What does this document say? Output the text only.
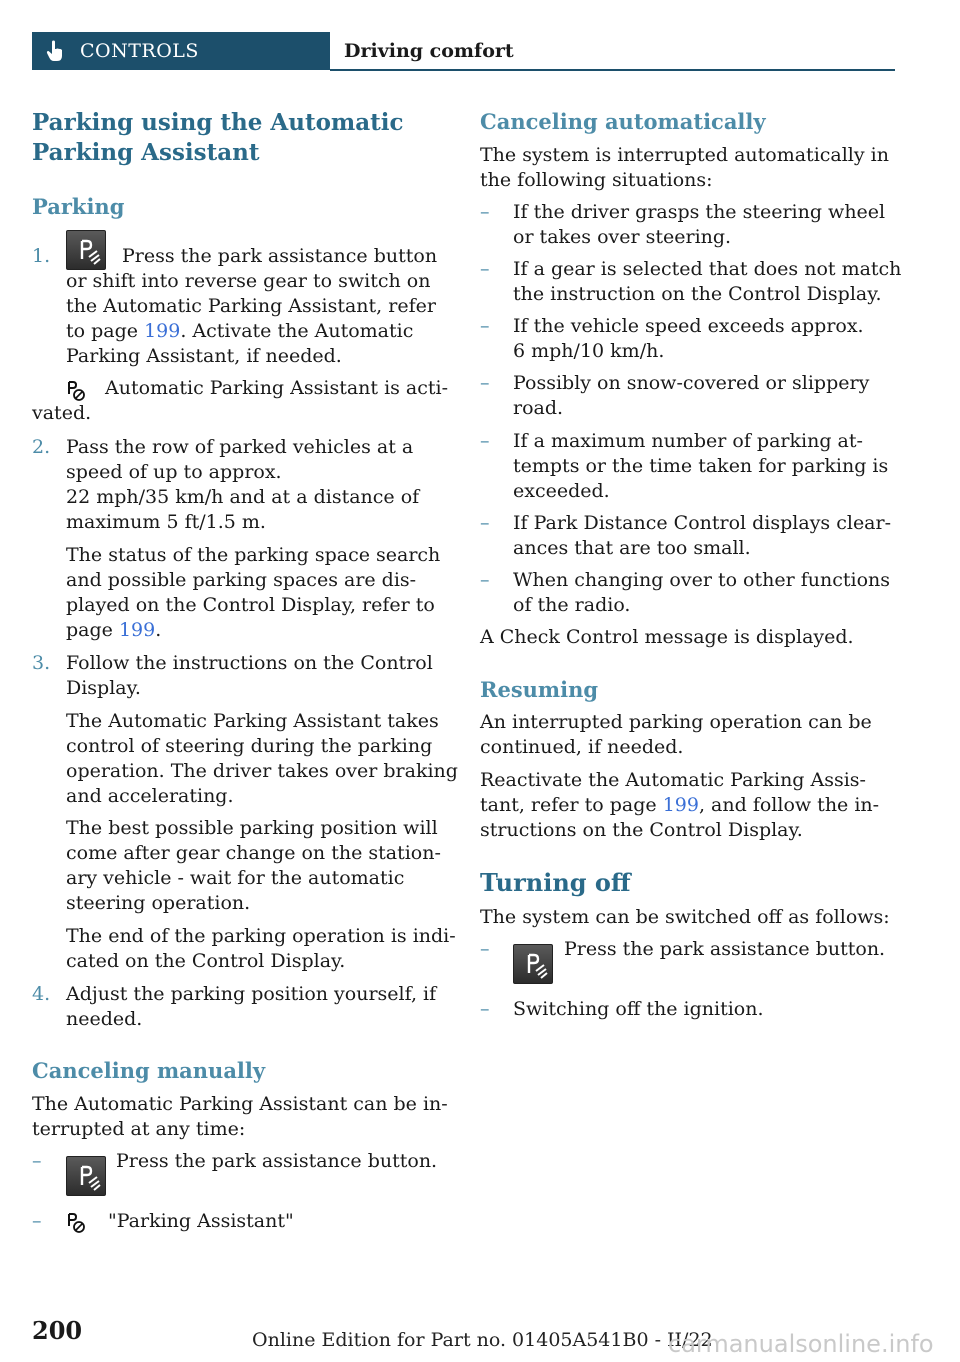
CONTROLS	Driving comfort
Parking using the Automatic
Parking Assistant
Parking
1.	Press the park assistance button
or shift into reverse gear to switch on
the Automatic Parking Assistant, refer
to page 199. Activate the Automatic
Parking Assistant, if needed.
Automatic Parking Assistant is acti-
vated.
2. Pass the row of parked vehicles at a
speed of up to approx.
22 mph/35 km/h and at a distance of
maximum 5 ft/1.5 m.
The status of the parking space search
and possible parking spaces are dis-
played on the Control Display, refer to
page 199.
3. Follow the instructions on the Control
Display.
The Automatic Parking Assistant takes
control of steering during the parking
operation. The driver takes over braking
and accelerating.
The best possible parking position will
come after gear change on the station-
ary vehicle - wait for the automatic
steering operation.
The end of the parking operation is indi-
cated on the Control Display.
4. Adjust the parking position yourself, if
needed.
Canceling manually
The Automatic Parking Assistant can be in-
terrupted at any time:
–	Press the park assistance button.
–	"Parking Assistant"
Canceling automatically
The system is interrupted automatically in
the following situations:
– If the driver grasps the steering wheel
or takes over steering.
– If a gear is selected that does not match
the instruction on the Control Display.
– If the vehicle speed exceeds approx.
6 mph/10 km/h.
– Possibly on snow-covered or slippery
road.
– If a maximum number of parking at-
tempts or the time taken for parking is
exceeded.
– If Park Distance Control displays clear-
ances that are too small.
– When changing over to other functions
of the radio.
A Check Control message is displayed.
Resuming
An interrupted parking operation can be
continued, if needed.
Reactivate the Automatic Parking Assis-
tant, refer to page 199, and follow the in-
structions on the Control Display.
Turning off
The system can be switched off as follows:
–	Press the park assistance button.
– Switching off the ignition.
200	Online Edition for Part no. 01405A541B0 - II/22
carmanualsonline.info
